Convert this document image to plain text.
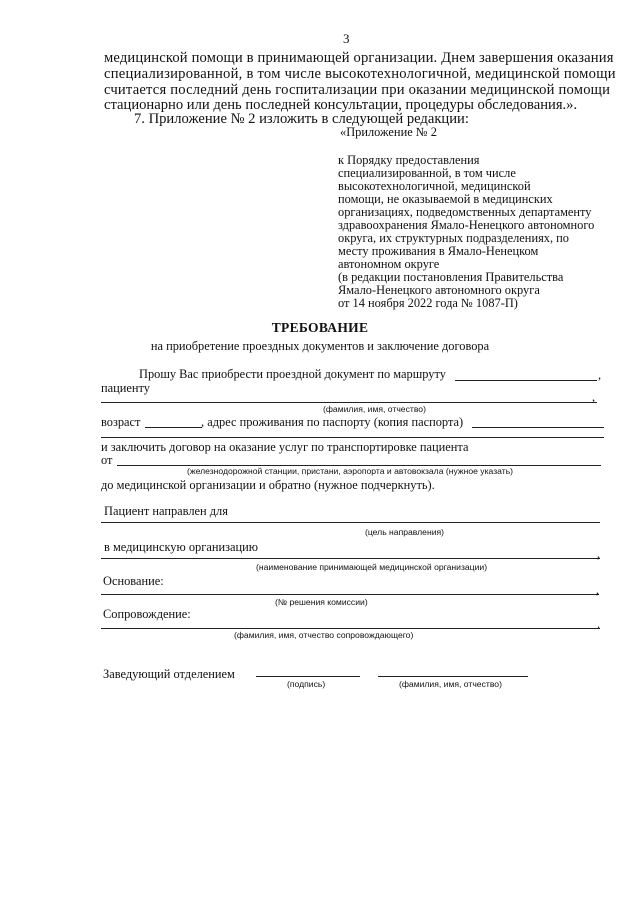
3
медицинской помощи в принимающей организации. Днем завершения оказания
специализированной, в том числе высокотехнологичной, медицинской помощи
считается последний день госпитализации при оказании медицинской помощи
стационарно или день последней консультации, процедуры обследования.».
7. Приложение № 2 изложить в следующей редакции:
«Приложение № 2
к Порядку предоставления
специализированной, в том числе
высокотехнологичной, медицинской
помощи, не оказываемой в медицинских
организациях, подведомственных департаменту
здравоохранения Ямало-Ненецкого автономного
округа, их структурных подразделениях, по
месту проживания в Ямало-Ненецком
автономном округе
(в редакции постановления Правительства
Ямало-Ненецкого автономного округа
от 14 ноября 2022 года № 1087-П)
ТРЕБОВАНИЕ
на приобретение проездных документов и заключение договора
Прошу Вас приобрести проездной документ по маршруту	,
пациенту
,
(фамилия, имя, отчество)
возраст	, адрес проживания по паспорту (копия паспорта)
и заключить договор на оказание услуг по транспортировке пациента
от
(железнодорожной станции, пристани, аэропорта и автовокзала (нужное указать)
до медицинской организации и обратно (нужное подчеркнуть).
Пациент направлен для
(цель направления)
в медицинскую организацию	,
(наименование принимающей медицинской организации)
Основание:
,
(№ решения комиссии)
Сопровождение:
.
(фамилия, имя, отчество сопровождающего)
Заведующий отделением
(подпись)	(фамилия, имя, отчество)
